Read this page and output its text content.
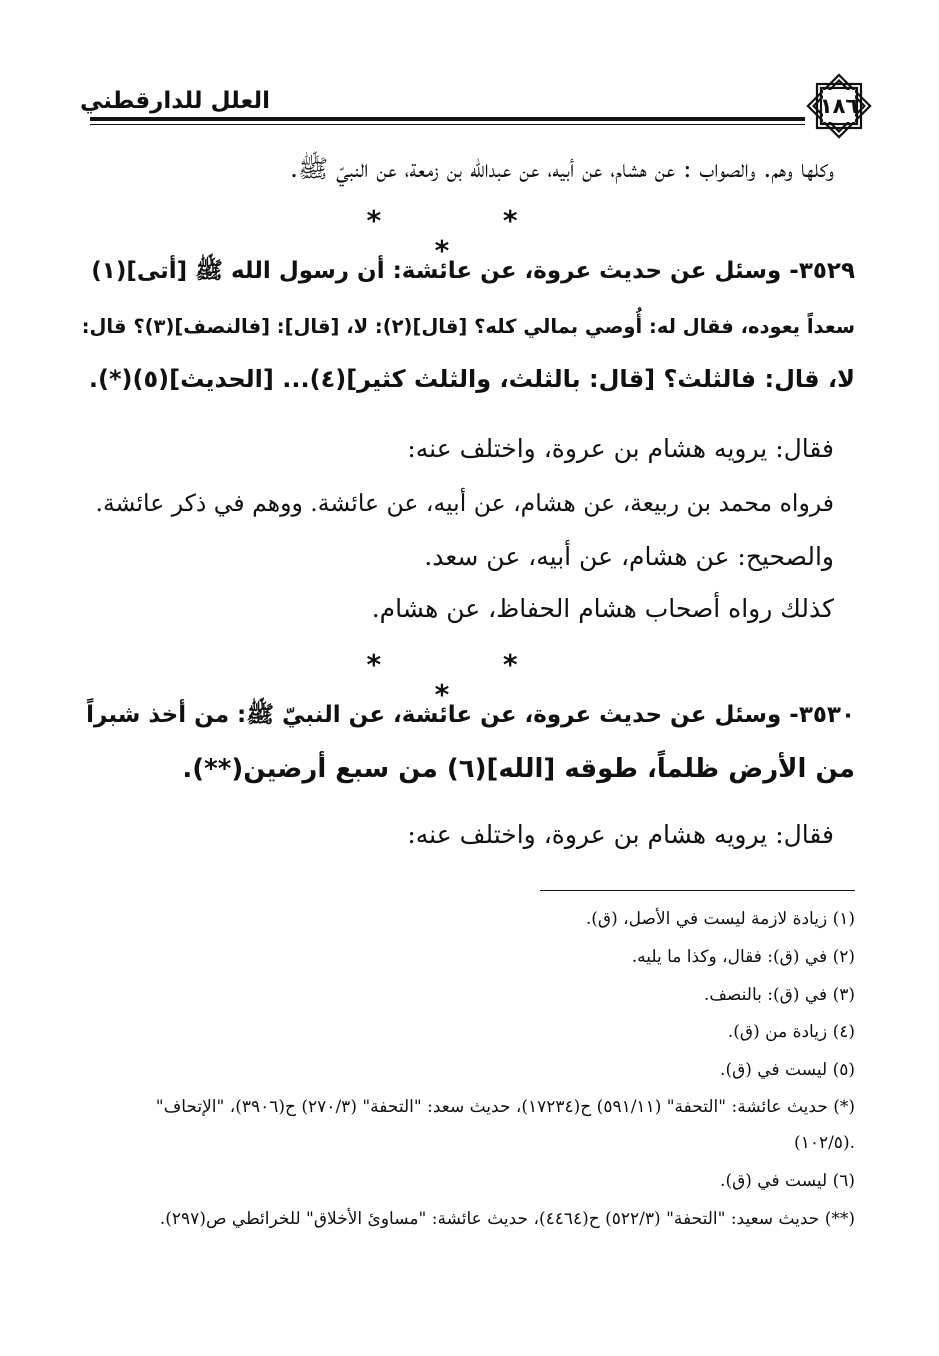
العلل للدارقطني	١٨٦
وكلها وهم. والصواب : عن هشام، عن أبيه، عن عبدالله بن زمعة، عن النبيّ ﷺ.
* * *
٣٥٢٩- وسئل عن حديث عروة، عن عائشة: أن رسول الله ﷺ [أتى](١)
سعداً يعوده، فقال له: أُوصي بمالي كله؟ [قال](٢): لا، [قال]: [فالنصف](٣)؟ قال:
لا، قال: فالثلث؟ [قال: بالثلث، والثلث كثير](٤)... [الحديث](٥)(*).
فقال: يرويه هشام بن عروة، واختلف عنه:
فرواه محمد بن ربيعة، عن هشام، عن أبيه، عن عائشة. ووهم في ذكر عائشة.
والصحيح: عن هشام، عن أبيه، عن سعد.
كذلك رواه أصحاب هشام الحفاظ، عن هشام.
* * *
٣٥٣٠- وسئل عن حديث عروة، عن عائشة، عن النبيّ ﷺ: من أخذ شبراً
من الأرض ظلماً، طوقه [الله](٦) من سبع أرضين(**).
فقال: يرويه هشام بن عروة، واختلف عنه:
(١) زيادة لازمة ليست في الأصل، (ق).
(٢) في (ق): فقال، وكذا ما يليه.
(٣) في (ق): بالنصف.
(٤) زيادة من (ق).
(٥) ليست في (ق).
(*) حديث عائشة: "التحفة" (٥٩١/١١) ح(١٧٢٣٤)، حديث سعد: "التحفة" (٢٧٠/٣) ح(٣٩٠٦)، "الإتحاف"
(١٠٢/٥).
(٦) ليست في (ق).
(**) حديث سعيد: "التحفة" (٥٢٢/٣) ح(٤٤٦٤)، حديث عائشة: "مساوئ الأخلاق" للخرائطي ص(٢٩٧).
